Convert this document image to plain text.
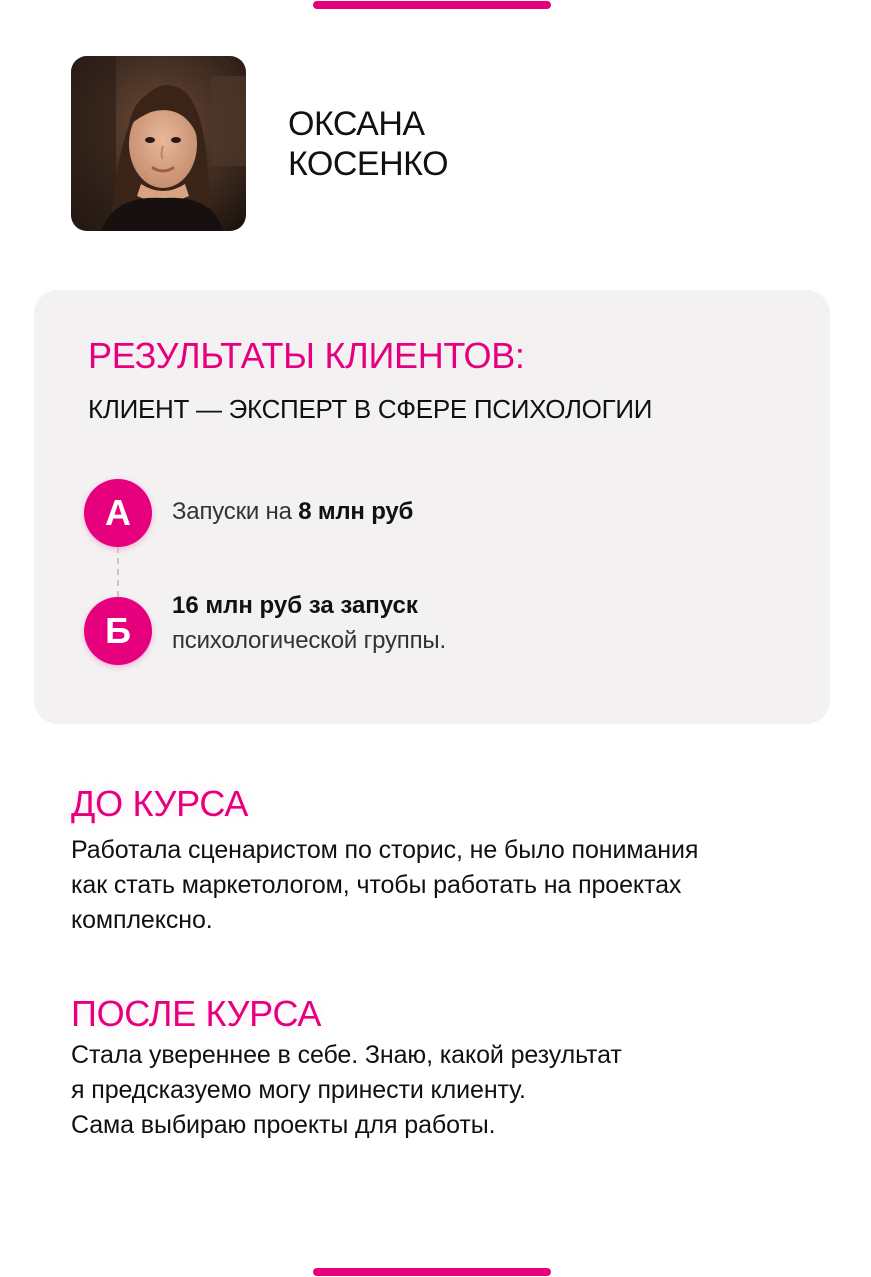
ОКСАНА
КОСЕНКО
РЕЗУЛЬТАТЫ КЛИЕНТОВ:
КЛИЕНТ — ЭКСПЕРТ В СФЕРЕ ПСИХОЛОГИИ
А
Б
Запуски на 8 млн руб
16 млн руб за запуск
психологической группы.
ДО КУРСА
Работала сценаристом по сторис, не было понимания
как стать маркетологом, чтобы работать на проектах
комплексно.
ПОСЛЕ КУРСА
Стала увереннее в себе. Знаю, какой результат
я предсказуемо могу принести клиенту.
Сама выбираю проекты для работы.
